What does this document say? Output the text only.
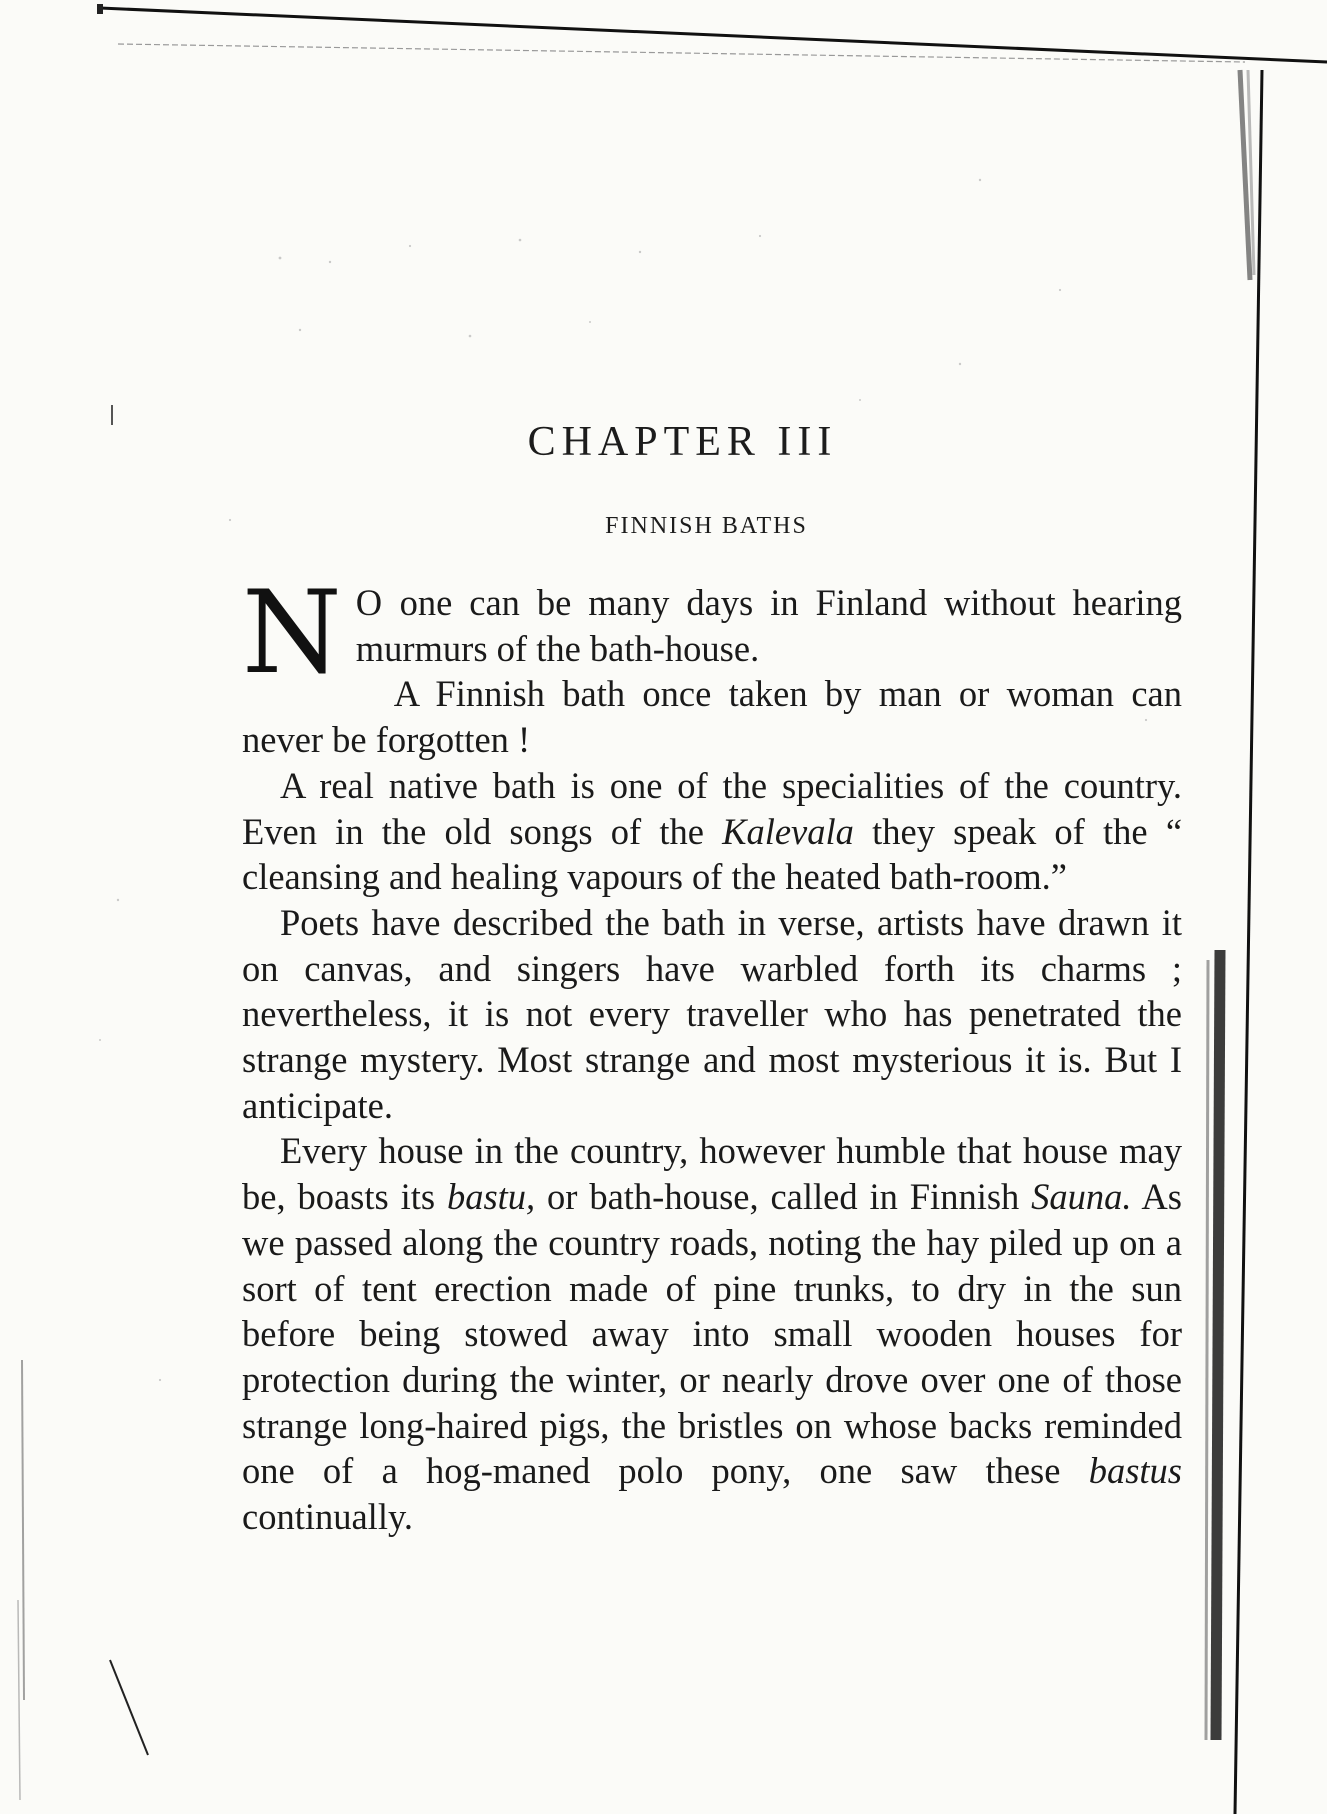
CHAPTER III
FINNISH BATHS

N O one can be many days in Finland without hearing murmurs of the bath-house.

A Finnish bath once taken by man or woman can never be forgotten !

A real native bath is one of the specialities of the country. Even in the old songs of the Kalevala they speak of the “ cleansing and healing vapours of the heated bath-room.”

Poets have described the bath in verse, artists have drawn it on canvas, and singers have warbled forth its charms ; nevertheless, it is not every traveller who has penetrated the strange mystery. Most strange and most mysterious it is. But I anticipate.

Every house in the country, however humble that house may be, boasts its bastu, or bath-house, called in Finnish Sauna. As we passed along the country roads, noting the hay piled up on a sort of tent erection made of pine trunks, to dry in the sun before being stowed away into small wooden houses for protection during the winter, or nearly drove over one of those strange long-haired pigs, the bristles on whose backs reminded one of a hog-maned polo pony, one saw these bastus continually.
